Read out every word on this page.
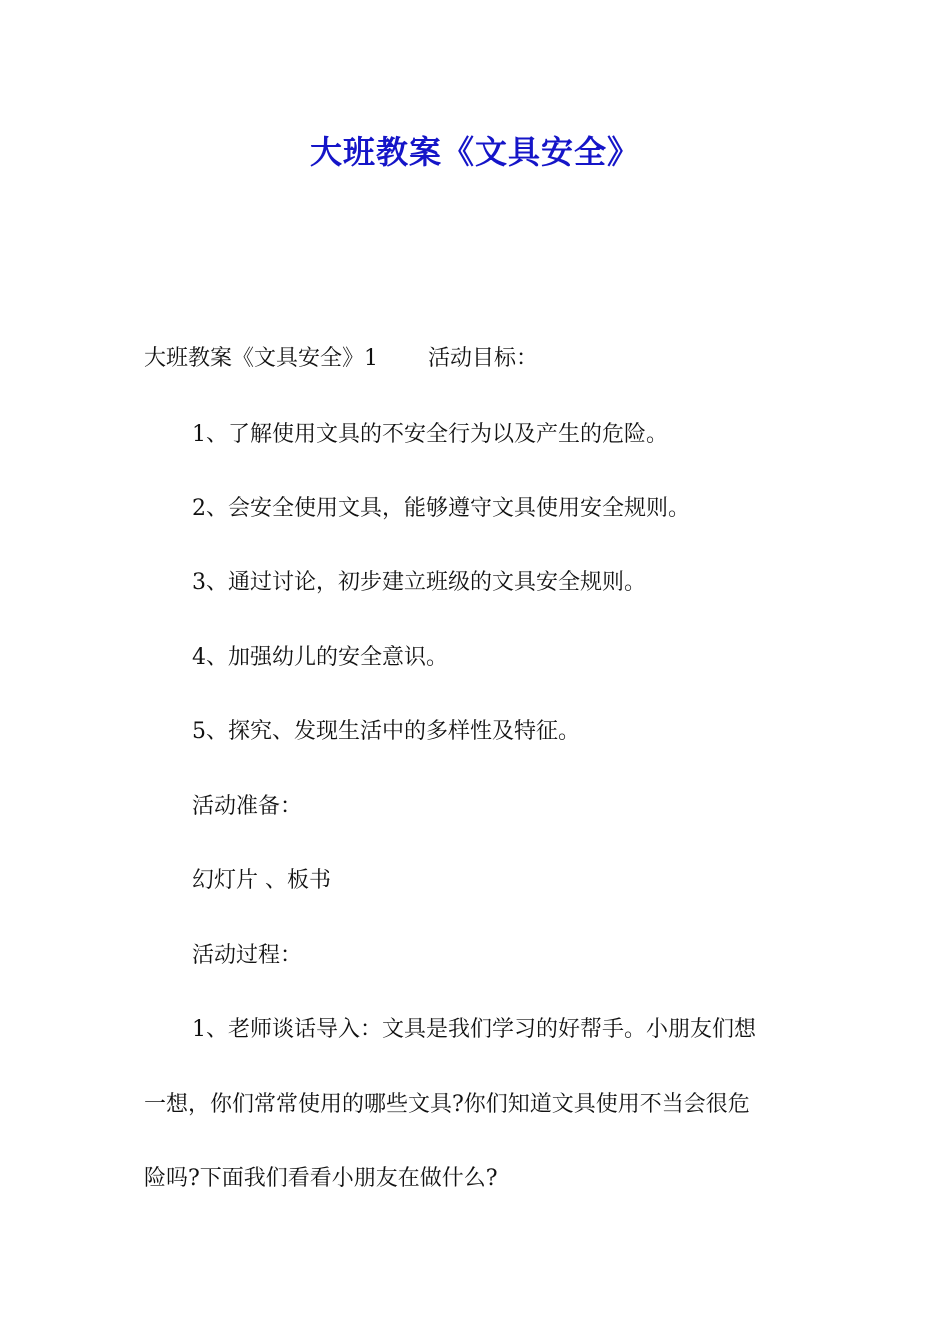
大班教案《文具安全》

大班教案《文具安全》1 活动目标：

1、了解使用文具的不安全行为以及产生的危险。

2、会安全使用文具，能够遵守文具使用安全规则。

3、通过讨论，初步建立班级的文具安全规则。

4、加强幼儿的安全意识。

5、探究、发现生活中的多样性及特征。

活动准备：

幻灯片 、板书

活动过程：

1、老师谈话导入：文具是我们学习的好帮手。小朋友们想

一想，你们常常使用的哪些文具?你们知道文具使用不当会很危

险吗?下面我们看看小朋友在做什么?
